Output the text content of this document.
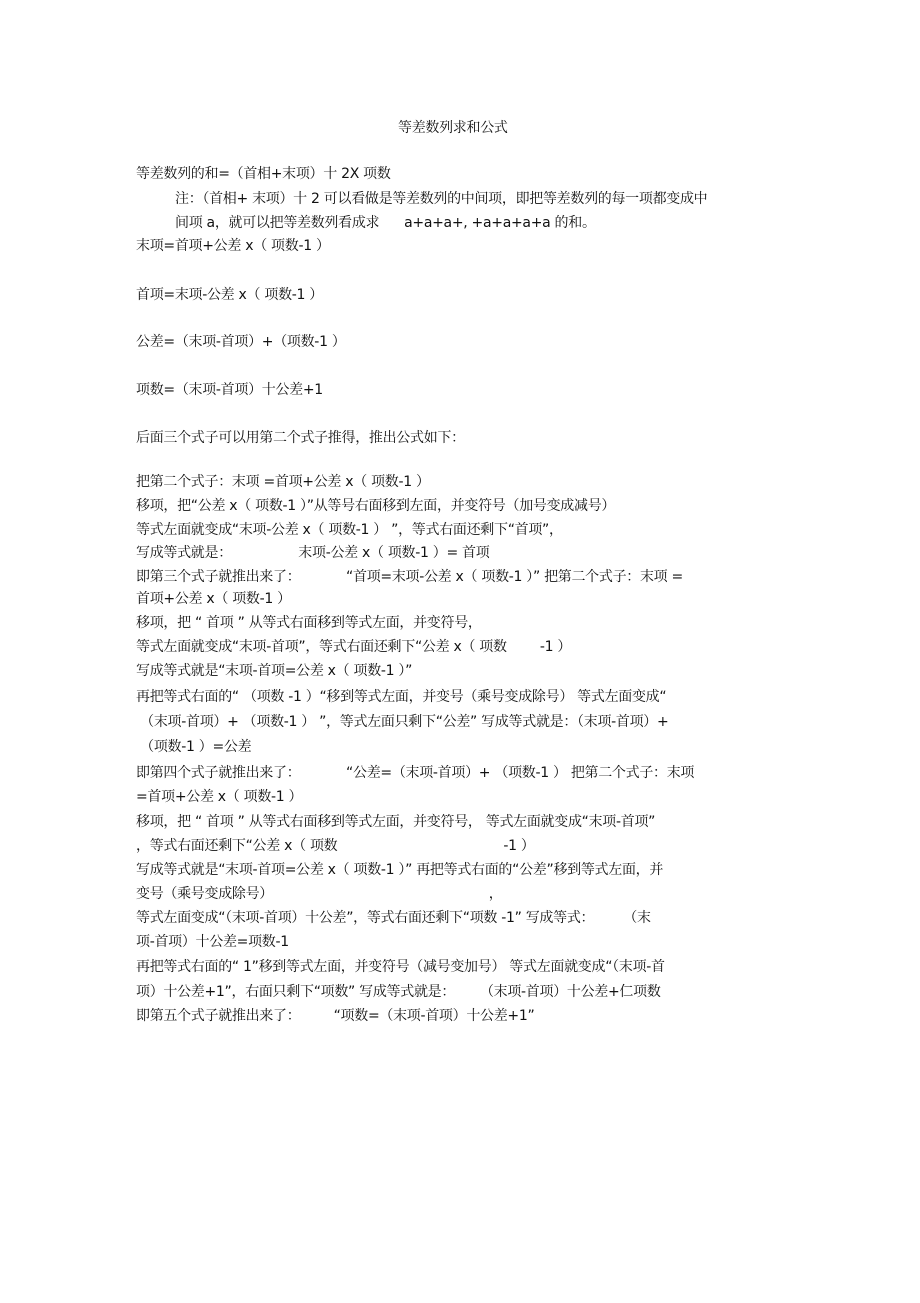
等差数列求和公式
等差数列的和=（首相+末项）十 2X 项数
注：（首相+ 末项）十 2 可以看做是等差数列的中间项，即把等差数列的每一项都变成中
间项 a，就可以把等差数列看成求      a+a+a+, +a+a+a+a 的和。
末项=首项+公差 x（ 项数-1 ）
首项=末项-公差 x（ 项数-1 ）
公差=（末项-首项）+（项数-1 ）
项数=（末项-首项）十公差+1
后面三个式子可以用第二个式子推得，推出公式如下：
把第二个式子：末项 =首项+公差 x（ 项数-1 ）
移项，把“公差 x（ 项数-1 ）”从等号右面移到左面，并变符号（加号变成减号）
等式左面就变成“末项-公差 x（ 项数-1 ） ”，等式右面还剩下“首项”，
写成等式就是：                末项-公差 x（ 项数-1 ）= 首项
即第三个式子就推出来了：           “首项=末项-公差 x（ 项数-1 ）” 把第二个式子：末项 =
首项+公差 x（ 项数-1 ）
移项，把 “ 首项 ” 从等式右面移到等式左面，并变符号，
等式左面就变成“末项-首项”，等式右面还剩下“公差 x（ 项数        -1 ）
写成等式就是“末项-首项=公差 x（ 项数-1 ）”
再把等式右面的“ （项数 -1 ）“移到等式左面，并变号（乘号变成除号） 等式左面变成“
（末项-首项）+ （项数-1 ） ”，等式左面只剩下“公差” 写成等式就是：（末项-首项）+
（项数-1 ）=公差
即第四个式子就推出来了：           “公差=（末项-首项）+ （项数-1 ） 把第二个式子：末项
=首项+公差 x（ 项数-1 ）
移项，把 “ 首项 ” 从等式右面移到等式左面，并变符号， 等式左面就变成“末项-首项”
，等式右面还剩下“公差 x（ 项数                                        -1 ）
写成等式就是“末项-首项=公差 x（ 项数-1 ）” 再把等式右面的“公差”移到等式左面，并
变号（乘号变成除号）                                                    ，
等式左面变成“（末项-首项）十公差”，等式右面还剩下“项数 -1” 写成等式：       （末
项-首项）十公差=项数-1
再把等式右面的“ 1”移到等式左面，并变符号（减号变加号） 等式左面就变成“（末项-首
项）十公差+1”，右面只剩下“项数” 写成等式就是：      （末项-首项）十公差+仁项数
即第五个式子就推出来了：        “项数=（末项-首项）十公差+1”
